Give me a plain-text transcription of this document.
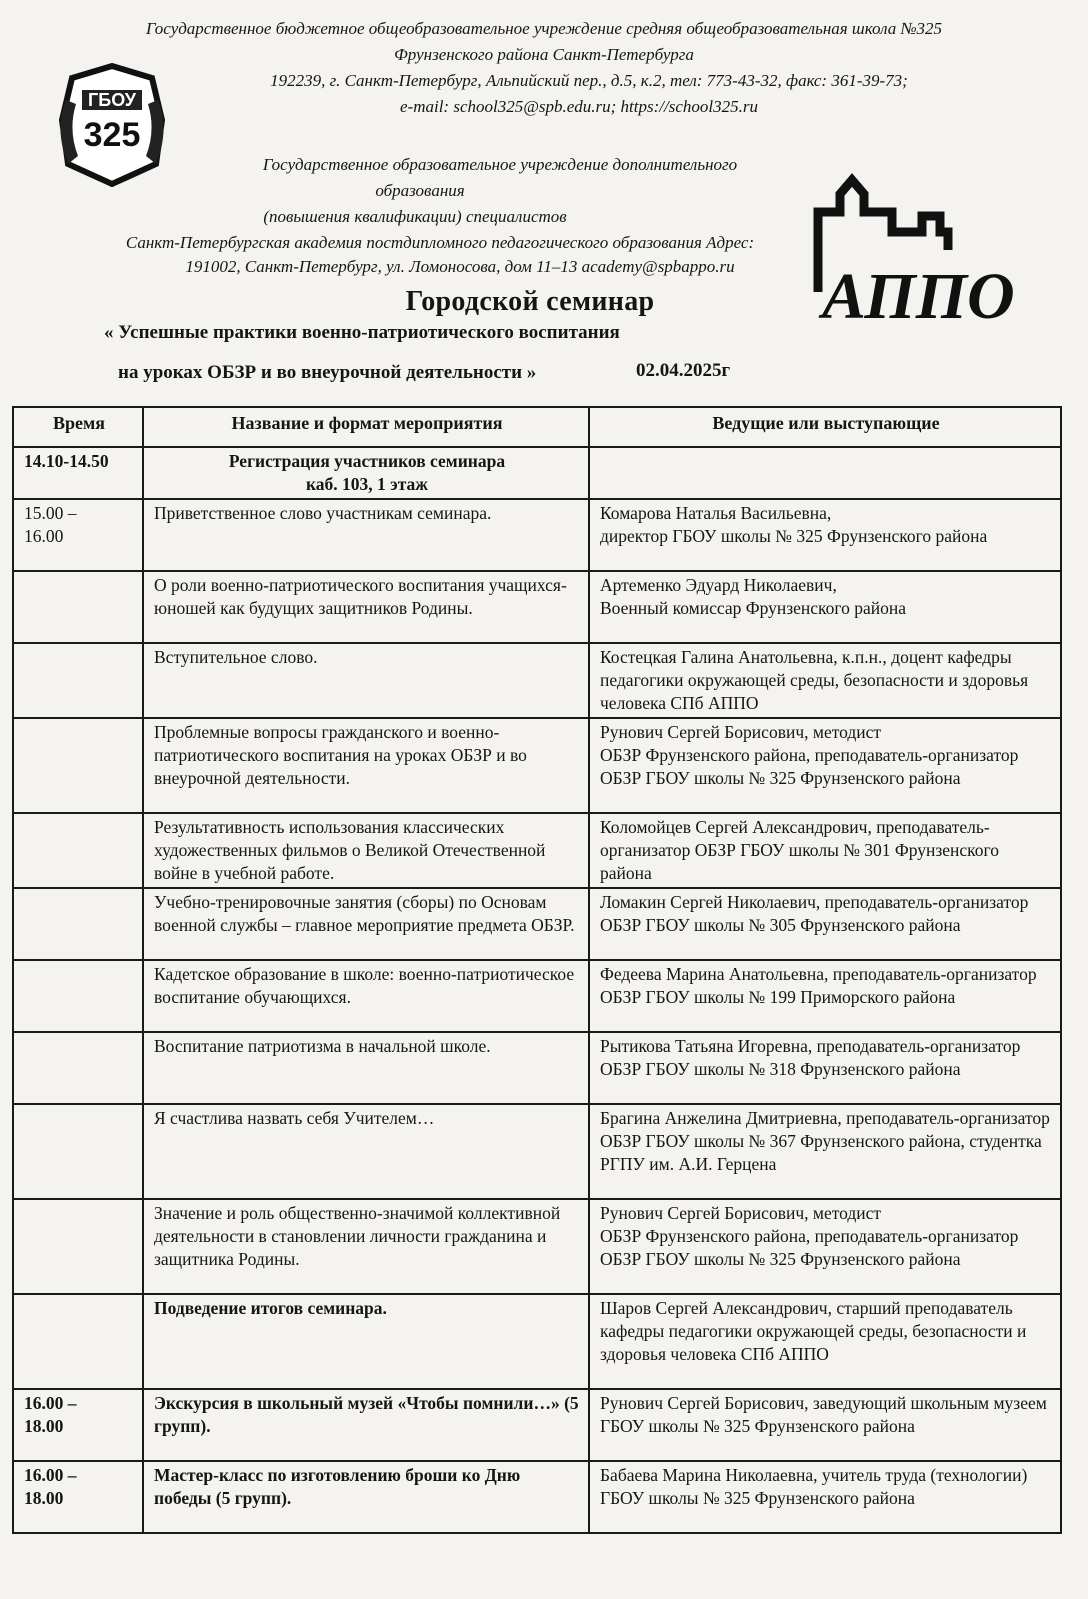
Государственное бюджетное общеобразовательное учреждение средняя общеобразовательная школа №325
Фрунзенского района Санкт-Петербурга
192239, г. Санкт-Петербург, Альпийский пер., д.5, к.2, тел: 773-43-32, факс: 361-39-73;
e-mail: school325@spb.edu.ru; https://school325.ru
ГБОУ
325
Государственное образовательное учреждение дополнительного
образования
(повышения квалификации) специалистов
Санкт-Петербургская академия постдипломного педагогического образования Адрес:
191002, Санкт-Петербург, ул. Ломоносова, дом 11–13 academy@spbappo.ru	АППО
Городской семинар
« Успешные практики военно-патриотического воспитания
на уроках ОБЗР и во внеурочной деятельности »	02.04.2025г
Время	Название и формат мероприятия	Ведущие или выступающие
14.10-14.50	Регистрация участников семинара
каб. 103, 1 этаж	
15.00 –
16.00	Приветственное слово участникам семинара.	Комарова Наталья Васильевна,
директор ГБОУ школы № 325 Фрунзенского района
	О роли военно-патриотического воспитания учащихся-юношей как будущих защитников Родины.	Артеменко Эдуард Николаевич,
Военный комиссар Фрунзенского района
	Вступительное слово.	Костецкая Галина Анатольевна, к.п.н., доцент кафедры педагогики окружающей среды, безопасности и здоровья человека СПб АППО
	Проблемные вопросы гражданского и военно-патриотического воспитания на уроках ОБЗР и во внеурочной деятельности.	Рунович Сергей Борисович, методист
ОБЗР Фрунзенского района, преподаватель-организатор ОБЗР ГБОУ школы № 325 Фрунзенского района
	Результативность использования классических художественных фильмов о Великой Отечественной войне в учебной работе.	Коломойцев Сергей Александрович, преподаватель-организатор ОБЗР ГБОУ школы № 301 Фрунзенского района
	Учебно-тренировочные занятия (сборы) по Основам военной службы – главное мероприятие предмета ОБЗР.	Ломакин Сергей Николаевич, преподаватель-организатор ОБЗР ГБОУ школы № 305 Фрунзенского района
	Кадетское образование в школе: военно-патриотическое воспитание обучающихся.	Федеева Марина Анатольевна, преподаватель-организатор ОБЗР ГБОУ школы № 199 Приморского района
	Воспитание патриотизма в начальной школе.	Рытикова Татьяна Игоревна, преподаватель-организатор ОБЗР ГБОУ школы № 318 Фрунзенского района
	Я счастлива назвать себя Учителем…	Брагина Анжелина Дмитриевна, преподаватель-организатор ОБЗР ГБОУ школы № 367 Фрунзенского района, студентка РГПУ им. А.И. Герцена
	Значение и роль общественно-значимой коллективной деятельности в становлении личности гражданина и защитника Родины.	Рунович Сергей Борисович, методист
ОБЗР Фрунзенского района, преподаватель-организатор ОБЗР ГБОУ школы № 325 Фрунзенского района
	Подведение итогов семинара.	Шаров Сергей Александрович, старший преподаватель кафедры педагогики окружающей среды, безопасности и здоровья человека СПб АППО
16.00 –
18.00	Экскурсия в школьный музей «Чтобы помнили…» (5 групп).	Рунович Сергей Борисович, заведующий школьным музеем ГБОУ школы № 325 Фрунзенского района
16.00 –
18.00	Мастер-класс по изготовлению броши ко Дню победы (5 групп).	Бабаева Марина Николаевна, учитель труда (технологии) ГБОУ школы № 325 Фрунзенского района
